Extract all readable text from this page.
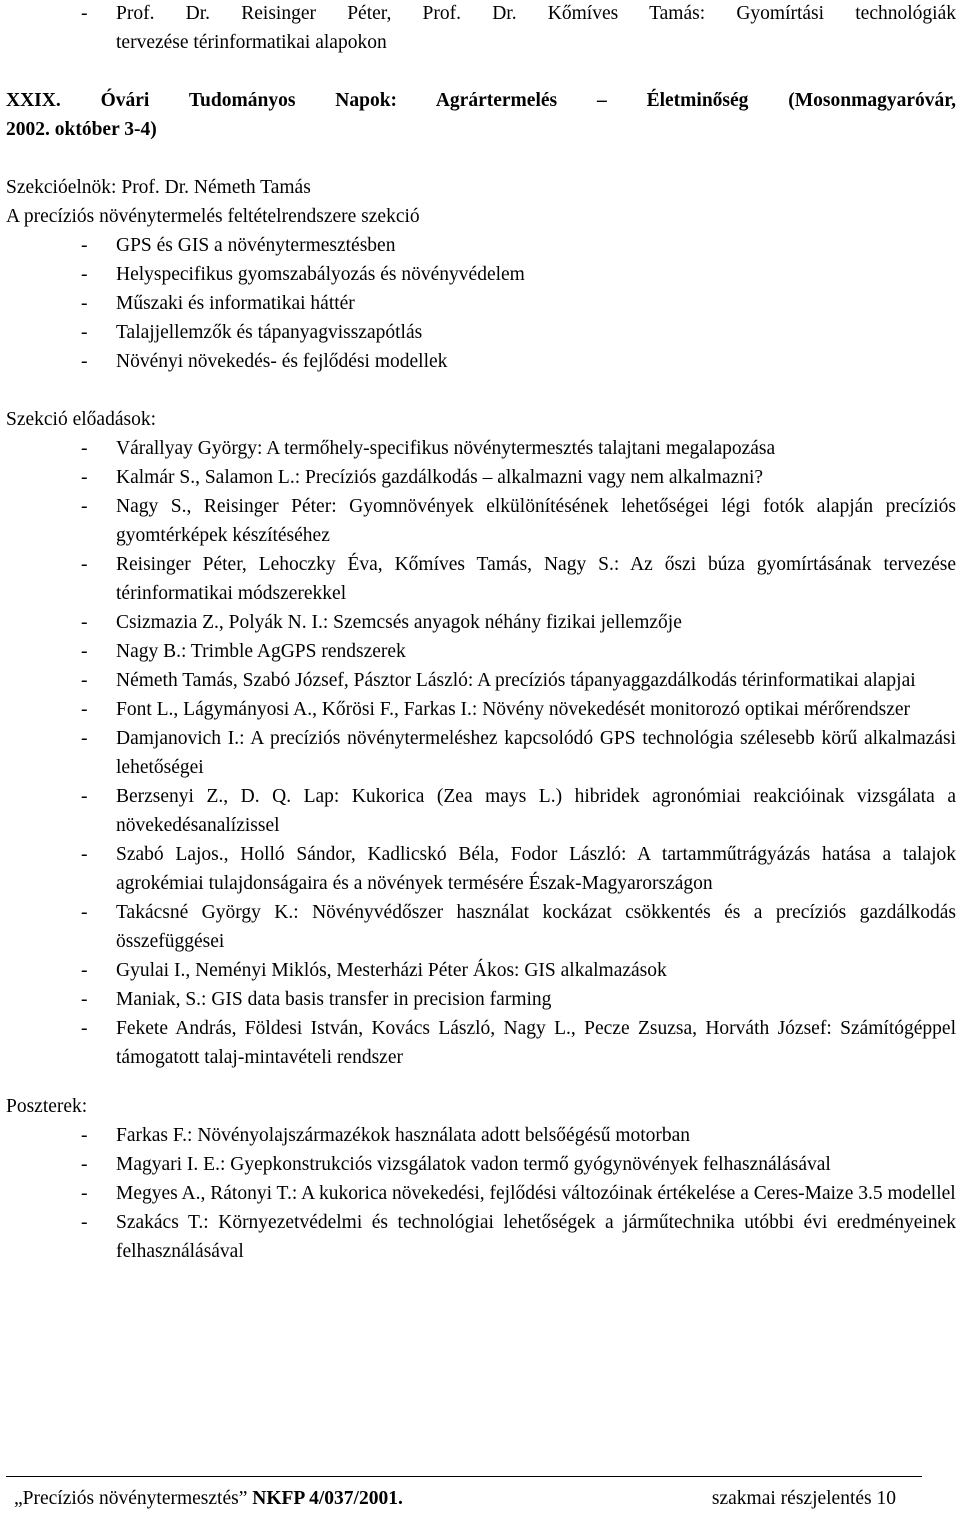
- Prof. Dr. Reisinger Péter, Prof. Dr. Kőmíves Tamás: Gyomírtási technológiák

tervezése térinformatikai alapokon

XXIX. Óvári Tudományos Napok: Agrártermelés – Életminőség (Mosonmagyaróvár,

2002. október 3-4)

Szekcióelnök: Prof. Dr. Németh Tamás

A precíziós növénytermelés feltételrendszere szekció

- GPS és GIS a növénytermesztésben
- Helyspecifikus gyomszabályozás és növényvédelem
- Műszaki és informatikai háttér
- Talajjellemzők és tápanyagvisszapótlás
- Növényi növekedés- és fejlődési modellek

Szekció előadások:

- Várallyay György: A termőhely-specifikus növénytermesztés talajtani megalapozása
- Kalmár S., Salamon L.: Precíziós gazdálkodás – alkalmazni vagy nem alkalmazni?
- Nagy S., Reisinger Péter: Gyomnövények elkülönítésének lehetőségei légi fotók alapján precíziós gyomtérképek készítéséhez
- Reisinger Péter, Lehoczky Éva, Kőmíves Tamás, Nagy S.: Az őszi búza gyomírtásának tervezése térinformatikai módszerekkel
- Csizmazia Z., Polyák N. I.: Szemcsés anyagok néhány fizikai jellemzője
- Nagy B.: Trimble AgGPS rendszerek
- Németh Tamás, Szabó József, Pásztor László: A precíziós tápanyaggazdálkodás térinformatikai alapjai
- Font L., Lágymányosi A., Kőrösi F., Farkas I.: Növény növekedését monitorozó optikai mérőrendszer
- Damjanovich I.: A precíziós növénytermeléshez kapcsolódó GPS technológia szélesebb körű alkalmazási lehetőségei
- Berzsenyi Z., D. Q. Lap: Kukorica (Zea mays L.) hibridek agronómiai reakcióinak vizsgálata a növekedésanalízissel
- Szabó Lajos., Holló Sándor, Kadlicskó Béla, Fodor László: A tartamműtrágyázás hatása a talajok agrokémiai tulajdonságaira és a növények termésére Észak-Magyarországon
- Takácsné György K.: Növényvédőszer használat kockázat csökkentés és a precíziós gazdálkodás összefüggései
- Gyulai I., Neményi Miklós, Mesterházi Péter Ákos: GIS alkalmazások
- Maniak, S.: GIS data basis transfer in precision farming
- Fekete András, Földesi István, Kovács László, Nagy L., Pecze Zsuzsa, Horváth József: Számítógéppel támogatott talaj-mintavételi rendszer

Poszterek:

- Farkas F.: Növényolajszármazékok használata adott belsőégésű motorban
- Magyari I. E.: Gyepkonstrukciós vizsgálatok vadon termő gyógynövények felhasználásával
- Megyes A., Rátonyi T.: A kukorica növekedési, fejlődési változóinak értékelése a Ceres-Maize 3.5 modellel
- Szakács T.: Környezetvédelmi és technológiai lehetőségek a járműtechnika utóbbi évi eredményeinek felhasználásával
„Precíziós növénytermesztés” NKFP 4/037/2001.	szakmai részjelentés 10
